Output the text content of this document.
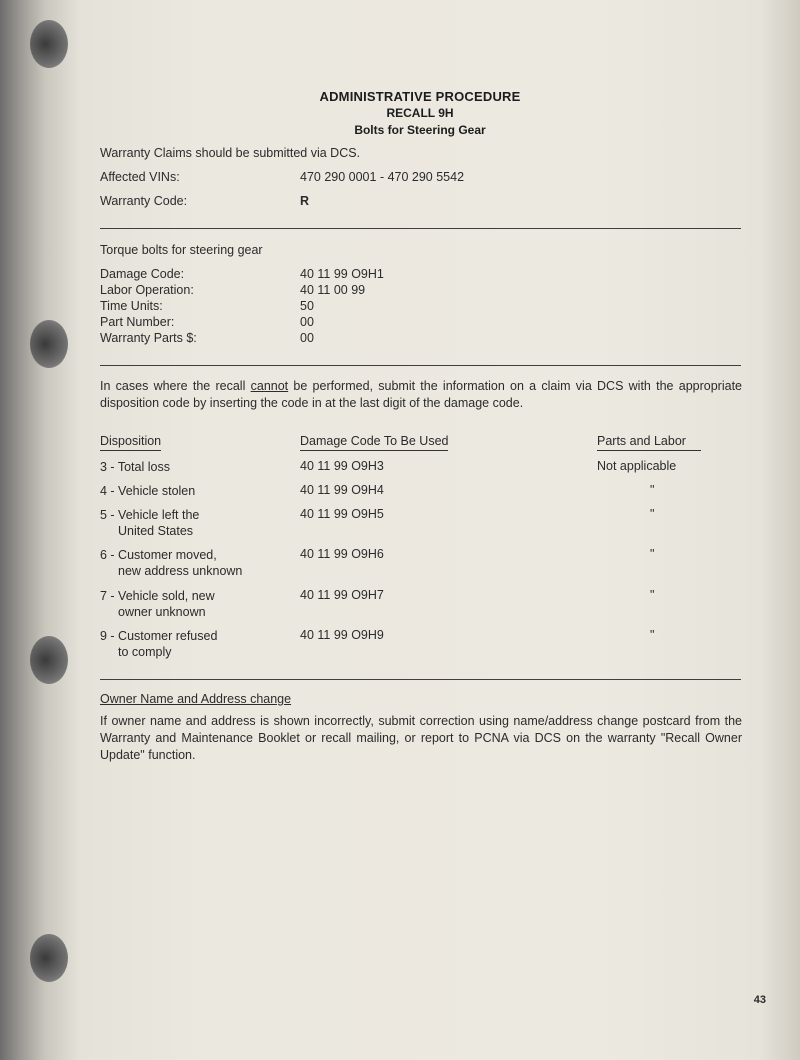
ADMINISTRATIVE PROCEDURE
RECALL 9H
Bolts for Steering Gear
Warranty Claims should be submitted via DCS.
Affected VINs:	470 290 0001 - 470 290 5542
Warranty Code:	R
Torque bolts for steering gear
Damage Code:	40 11 99 O9H1
Labor Operation:	40 11 00 99
Time Units:	50
Part Number:	00
Warranty Parts $:	00
In cases where the recall cannot be performed, submit the information on a claim via DCS with the appropriate disposition code by inserting the code in at the last digit of the damage code.
Disposition	Damage Code To Be Used	Parts and Labor
3 - Total loss	40 11 99 O9H3	Not applicable
4 - Vehicle stolen	40 11 99 O9H4	"
5 - Vehicle left the
United States
40 11 99 O9H5	"
6 - Customer moved,
new address unknown
40 11 99 O9H6	"
7 - Vehicle sold, new
owner unknown
40 11 99 O9H7	"
9 - Customer refused
to comply
40 11 99 O9H9	"
Owner Name and Address change
If owner name and address is shown incorrectly, submit correction using name/address change postcard from the Warranty and Maintenance Booklet or recall mailing, or report to PCNA via DCS on the warranty "Recall Owner Update" function.
43
